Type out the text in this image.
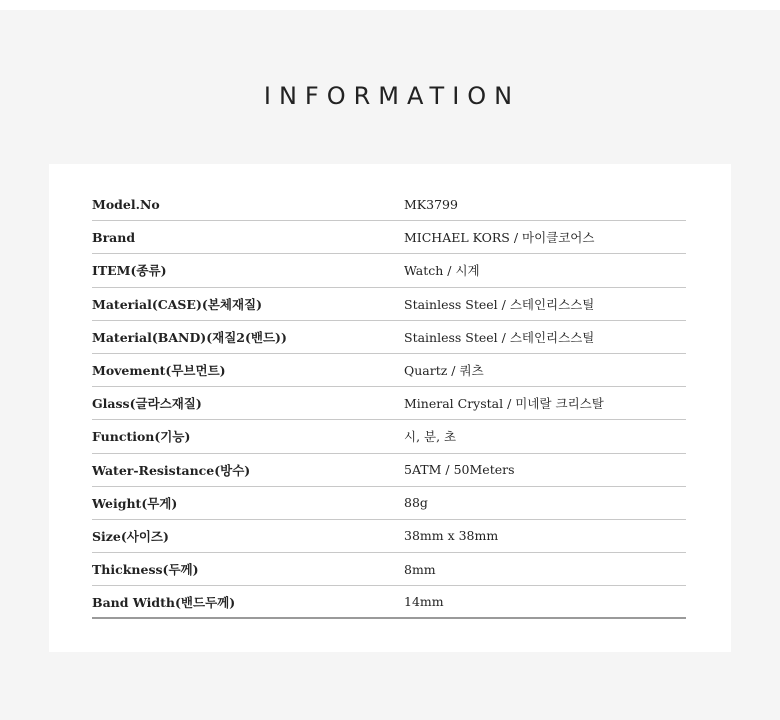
INFORMATION
Model.No	MK3799
Brand	MICHAEL KORS / 마이클코어스
ITEM(종류)	Watch / 시계
Material(CASE)(본체재질)	Stainless Steel / 스테인리스스틸
Material(BAND)(재질2(밴드))	Stainless Steel / 스테인리스스틸
Movement(무브먼트)	Quartz / 쿼츠
Glass(글라스재질)	Mineral Crystal / 미네랄 크리스탈
Function(기능)	시, 분, 초
Water-Resistance(방수)	5ATM / 50Meters
Weight(무게)	88g
Size(사이즈)	38mm x 38mm
Thickness(두께)	8mm
Band Width(밴드두께)	14mm
